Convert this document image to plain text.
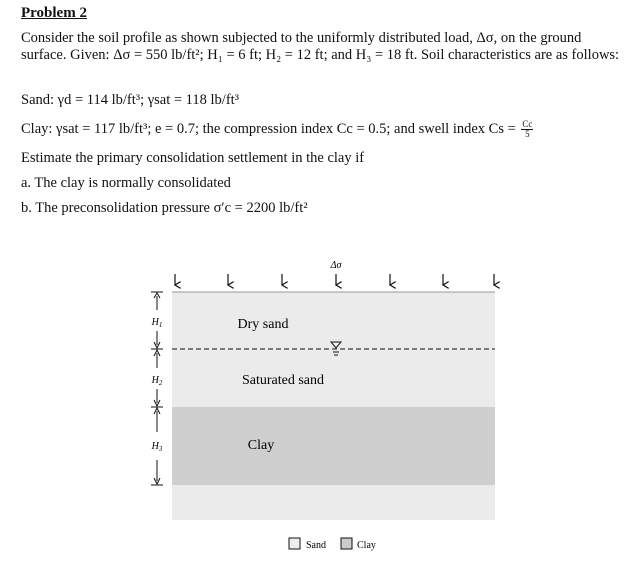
Problem 2
Consider the soil profile as shown subjected to the uniformly distributed load, Δσ, on the ground surface. Given: Δσ = 550 lb/ft²; H₁ = 6 ft; H₂ = 12 ft; and H₃ = 18 ft. Soil characteristics are as follows:
Sand: γd = 114 lb/ft³; γsat = 118 lb/ft³
Clay: γsat = 117 lb/ft³; e = 0.7; the compression index Cc = 0.5; and swell index $Cs = \frac{Cc}{5}$
Estimate the primary consolidation settlement in the clay if
a. The clay is normally consolidated
b. The preconsolidation pressure σ′c = 2200 lb/ft²
Δσ
Dry sand
Saturated sand
Clay
$H_1$
$H_2$
$H_3$
Sand	Clay
